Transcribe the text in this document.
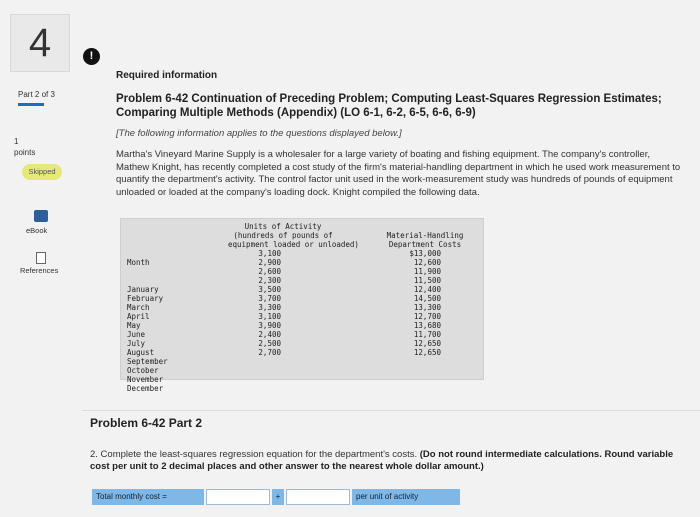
4
Part 2 of 3
1
points
Skipped
eBook
References
!
Required information
Problem 6-42 Continuation of Preceding Problem; Computing Least-Squares Regression Estimates; Comparing Multiple Methods (Appendix) (LO 6-1, 6-2, 6-5, 6-6, 6-9)
[The following information applies to the questions displayed below.]
Martha's Vineyard Marine Supply is a wholesaler for a large variety of boating and fishing equipment. The company's controller, Mathew Knight, has recently completed a cost study of the firm's material-handling department in which he used work measurement to quantify the department's activity. The control factor unit used in the work-measurement study was hundreds of pounds of equipment unloaded or loaded at the company's loading dock. Knight compiled the following data.
Units of Activity
(hundreds of pounds of
equipment loaded or unloaded)
Material-Handling
Department Costs

Month

January
February
March
April
May
June
July
August
September
October
November
December
3,100
2,900
2,600
2,300
3,500
3,700
3,300
3,100
3,900
2,400
2,500
2,700
$13,000
12,600
11,900
11,500
12,400
14,500
13,300
12,700
13,680
11,700
12,650
12,650
Problem 6-42 Part 2
2. Complete the least-squares regression equation for the department's costs. (Do not round intermediate calculations. Round variable cost per unit to 2 decimal places and other answer to the nearest whole dollar amount.)
Total monthly cost =	+	per unit of activity
